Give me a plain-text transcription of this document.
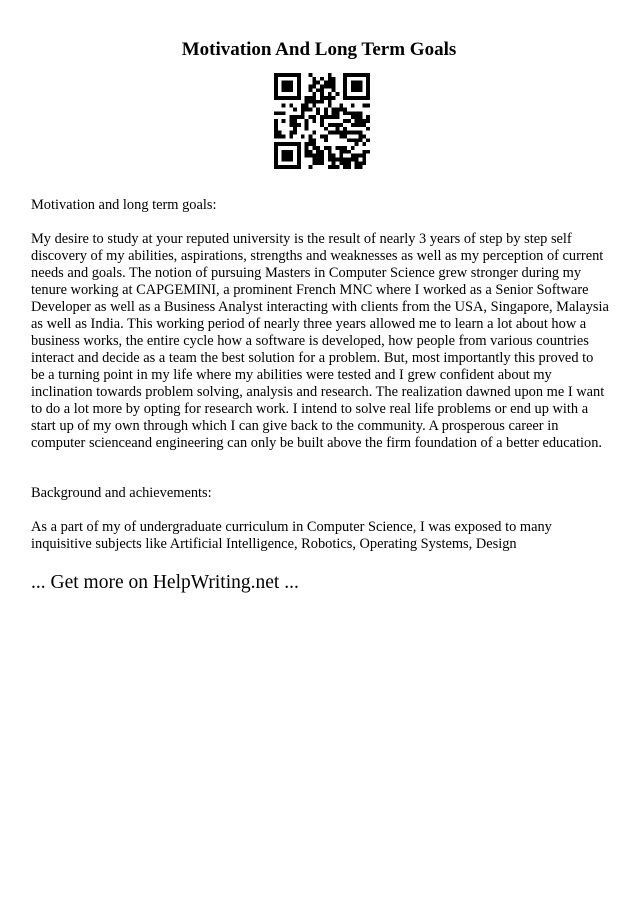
Motivation And Long Term Goals

Motivation and long term goals:

My desire to study at your reputed university is the result of nearly 3 years of step by step self discovery of my abilities, aspirations, strengths and weaknesses as well as my perception of current needs and goals. The notion of pursuing Masters in Computer Science grew stronger during my tenure working at CAPGEMINI, a prominent French MNC where I worked as a Senior Software Developer as well as a Business Analyst interacting with clients from the USA, Singapore, Malaysia as well as India. This working period of nearly three years allowed me to learn a lot about how a business works, the entire cycle how a software is developed, how people from various countries interact and decide as a team the best solution for a problem. But, most importantly this proved to be a turning point in my life where my abilities were tested and I grew confident about my inclination towards problem solving, analysis and research. The realization dawned upon me I want to do a lot more by opting for research work. I intend to solve real life problems or end up with a start up of my own through which I can give back to the community. A prosperous career in computer scienceand engineering can only be built above the firm foundation of a better education.

Background and achievements:

As a part of my of undergraduate curriculum in Computer Science, I was exposed to many inquisitive subjects like Artificial Intelligence, Robotics, Operating Systems, Design

... Get more on HelpWriting.net ...
